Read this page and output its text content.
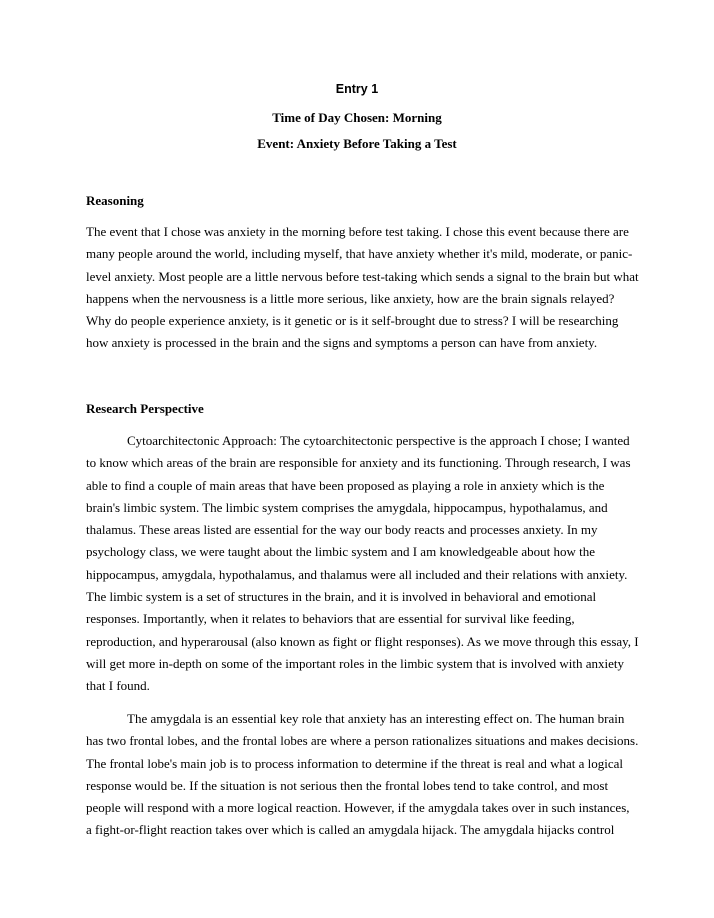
Entry 1
Time of Day Chosen: Morning
Event: Anxiety Before Taking a Test
Reasoning

The event that I chose was anxiety in the morning before test taking. I chose this event because there are
many people around the world, including myself, that have anxiety whether it's mild, moderate, or panic-
level anxiety. Most people are a little nervous before test-taking which sends a signal to the brain but what
happens when the nervousness is a little more serious, like anxiety, how are the brain signals relayed?
Why do people experience anxiety, is it genetic or is it self-brought due to stress? I will be researching
how anxiety is processed in the brain and the signs and symptoms a person can have from anxiety.

Research Perspective

Cytoarchitectonic Approach: The cytoarchitectonic perspective is the approach I chose; I wanted
to know which areas of the brain are responsible for anxiety and its functioning. Through research, I was
able to find a couple of main areas that have been proposed as playing a role in anxiety which is the
brain's limbic system. The limbic system comprises the amygdala, hippocampus, hypothalamus, and
thalamus. These areas listed are essential for the way our body reacts and processes anxiety. In my
psychology class, we were taught about the limbic system and I am knowledgeable about how the
hippocampus, amygdala, hypothalamus, and thalamus were all included and their relations with anxiety.
The limbic system is a set of structures in the brain, and it is involved in behavioral and emotional
responses. Importantly, when it relates to behaviors that are essential for survival like feeding,
reproduction, and hyperarousal (also known as fight or flight responses). As we move through this essay, I
will get more in-depth on some of the important roles in the limbic system that is involved with anxiety
that I found.

The amygdala is an essential key role that anxiety has an interesting effect on. The human brain
has two frontal lobes, and the frontal lobes are where a person rationalizes situations and makes decisions.
The frontal lobe's main job is to process information to determine if the threat is real and what a logical
response would be. If the situation is not serious then the frontal lobes tend to take control, and most
people will respond with a more logical reaction. However, if the amygdala takes over in such instances,
a fight-or-flight reaction takes over which is called an amygdala hijack. The amygdala hijacks control
